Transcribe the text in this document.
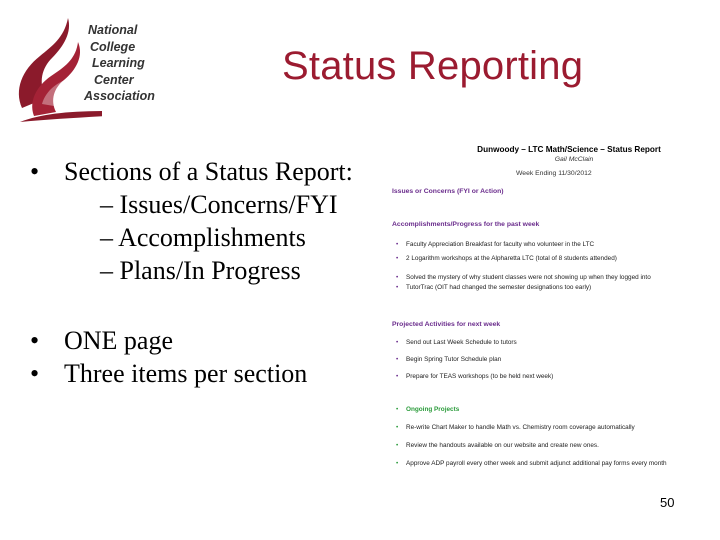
National
College
Learning
Center
Association
Status Reporting
• Sections of a Status Report:
– Issues/Concerns/FYI
– Accomplishments
– Plans/In Progress
• ONE page
• Three items per section
Dunwoody – LTC Math/Science – Status Report
Gail McClain
Week Ending 11/30/2012
Issues or Concerns (FYI or Action)
Accomplishments/Progress for the past week
• Faculty Appreciation Breakfast for faculty who volunteer in the LTC
• 2 Logarithm workshops at the Alpharetta LTC (total of 8 students attended)
• Solved the mystery of why student classes were not showing up when they logged into
• TutorTrac (OIT had changed the semester designations too early)
Projected Activities for next week
• Send out Last Week Schedule to tutors
• Begin Spring Tutor Schedule plan
• Prepare for TEAS workshops (to be held next week)
• Ongoing Projects
• Re-write Chart Maker to handle Math vs. Chemistry room coverage automatically
• Review the handouts available on our website and create new ones.
• Approve ADP payroll every other week and submit adjunct additional pay forms every month
50
